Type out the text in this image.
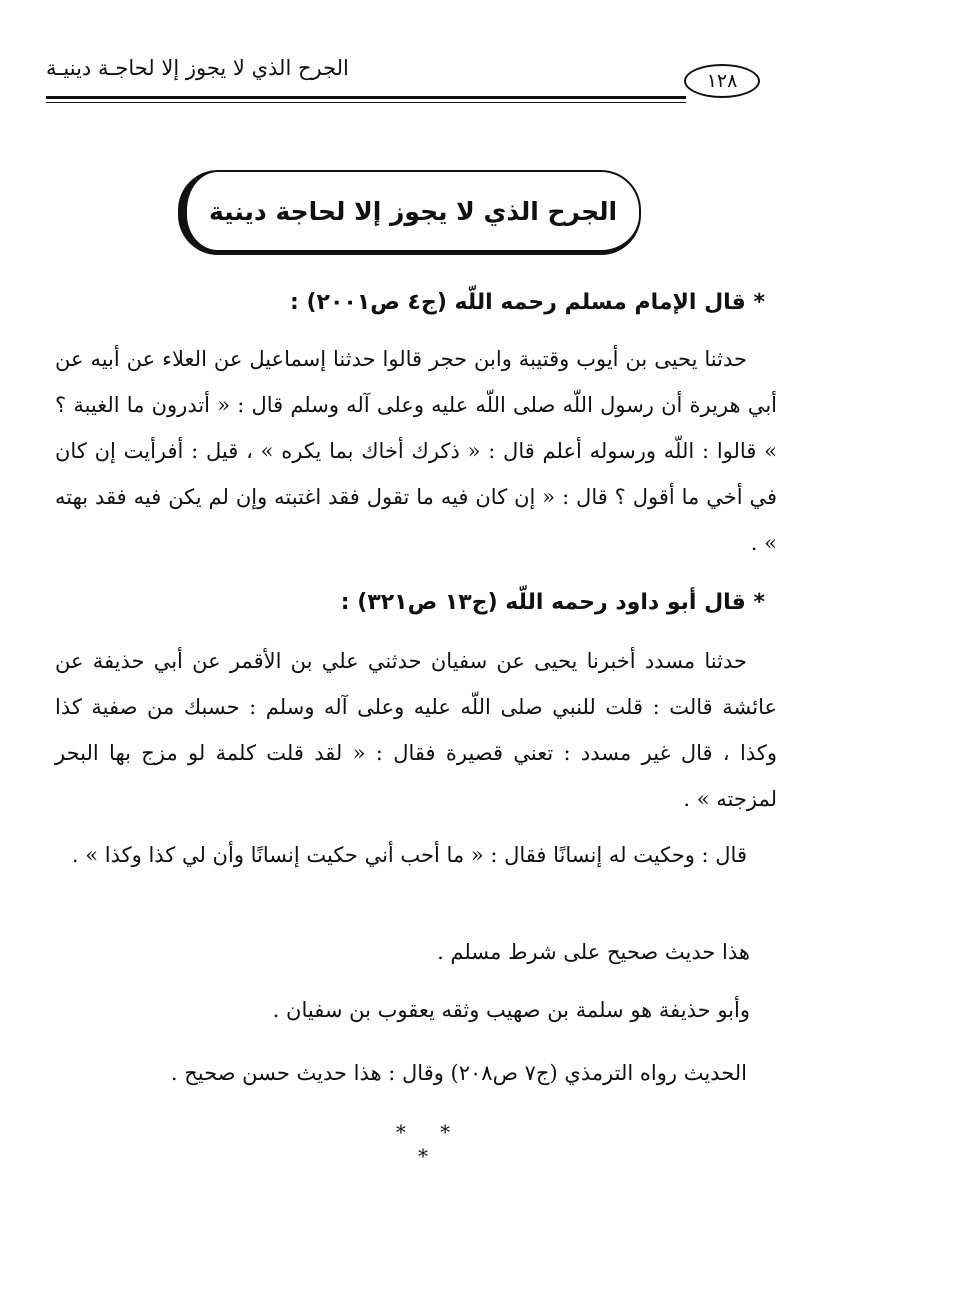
الجرح الذي لا يجوز إلا لحاجـة دينيـة
١٢٨
الجرح الذي لا يجوز إلا لحاجة دينية
* قال الإمام مسلم رحمه اللّه (ج٤ ص٢٠٠١) :
حدثنا يحيى بن أيوب وقتيبة وابن حجر قالوا حدثنا إسماعيل عن العلاء عن أبيه عن أبي هريرة أن رسول اللّه صلى اللّه عليه وعلى آله وسلم قال : « أتدرون ما الغيبة ؟ » قالوا : اللّه ورسوله أعلم قال : « ذكرك أخاك بما يكره » ، قيل : أفرأيت إن كان في أخي ما أقول ؟ قال : « إن كان فيه ما تقول فقد اغتبته وإن لم يكن فيه فقد بهته » .
* قال أبو داود رحمه اللّه (ج١٣ ص٣٢١) :
حدثنا مسدد أخبرنا يحيى عن سفيان حدثني علي بن الأقمر عن أبي حذيفة عن عائشة قالت : قلت للنبي صلى اللّه عليه وعلى آله وسلم : حسبك من صفية كذا وكذا ، قال غير مسدد : تعني قصيرة فقال : « لقد قلت كلمة لو مزج بها البحر لمزجته » .
قال : وحكيت له إنسانًا فقال : « ما أحب أني حكيت إنسانًا وأن لي كذا وكذا » .
هذا حديث صحيح على شرط مسلم .
وأبو حذيفة هو سلمة بن صهيب وثقه يعقوب بن سفيان .
الحديث رواه الترمذي (ج٧ ص٢٠٨) وقال : هذا حديث حسن صحيح .
* * *
